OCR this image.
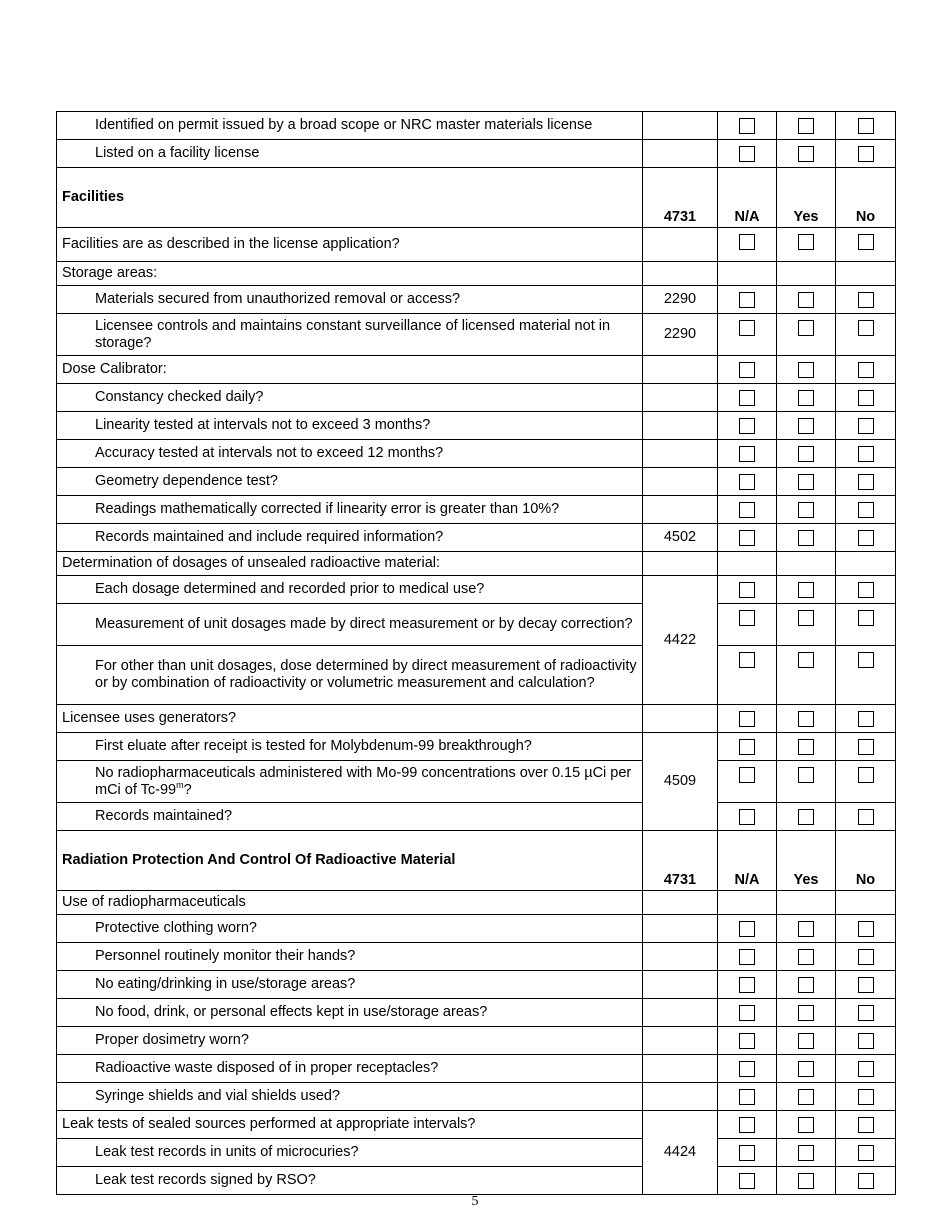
Identified on permit issued by a broad scope or NRC master materials license				
Listed on a facility license				
Facilities	4731	N/A	Yes	No
Facilities are as described in the license application?				
Storage areas:				
Materials secured from unauthorized removal or access?	2290			
Licensee controls and maintains constant surveillance of licensed material not in storage?	2290			
Dose Calibrator:				
Constancy checked daily?				
Linearity tested at intervals not to exceed 3 months?				
Accuracy tested at intervals not to exceed 12 months?				
Geometry dependence test?				
Readings mathematically corrected if linearity error is greater than 10%?				
Records maintained and include required information?	4502			
Determination of dosages of unsealed radioactive material:				
Each dosage determined and recorded prior to medical use?	4422			
Measurement of unit dosages made by direct measurement or by decay correction?				
For other than unit dosages, dose determined by direct measurement of radioactivity or by combination of radioactivity or volumetric measurement and calculation?				
Licensee uses generators?				
First eluate after receipt is tested for Molybdenum-99 breakthrough?	4509			
No radiopharmaceuticals administered with Mo-99 concentrations over 0.15 µCi per mCi of Tc-99$^m$?				
Records maintained?				
Radiation Protection And Control Of Radioactive Material	4731	N/A	Yes	No
Use of radiopharmaceuticals				
Protective clothing worn?				
Personnel routinely monitor their hands?				
No eating/drinking in use/storage areas?				
No food, drink, or personal effects kept in use/storage areas?				
Proper dosimetry worn?				
Radioactive waste disposed of in proper receptacles?				
Syringe shields and vial shields used?				
Leak tests of sealed sources performed at appropriate intervals?	4424			
Leak test records in units of microcuries?				
Leak test records signed by RSO?				
5
